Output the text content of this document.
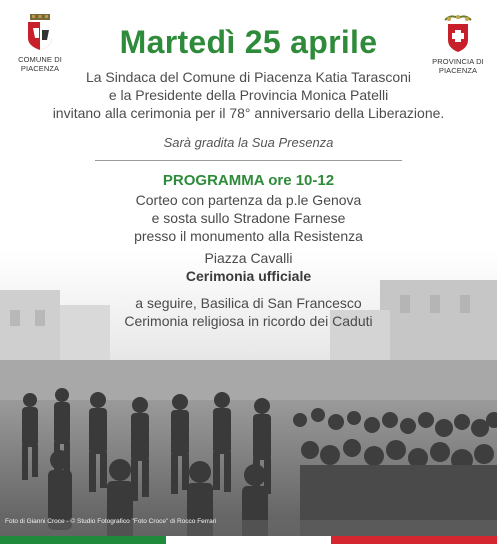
COMUNE DI
PIACENZA
PROVINCIA DI
PIACENZA
Martedì 25 aprile
La Sindaca del Comune di Piacenza Katia Tarasconi
e la Presidente della Provincia Monica Patelli
invitano alla cerimonia per il 78° anniversario della Liberazione.
Sarà gradita la Sua Presenza
PROGRAMMA ore 10-12
Corteo con partenza da p.le Genova
e sosta sullo Stradone Farnese
presso il monumento alla Resistenza
Piazza Cavalli
Cerimonia ufficiale
a seguire, Basilica di San Francesco
Cerimonia religiosa in ricordo dei Caduti
Foto di Gianni Croce - © Studio Fotografico "Foto Croce" di Rocco Ferrari
